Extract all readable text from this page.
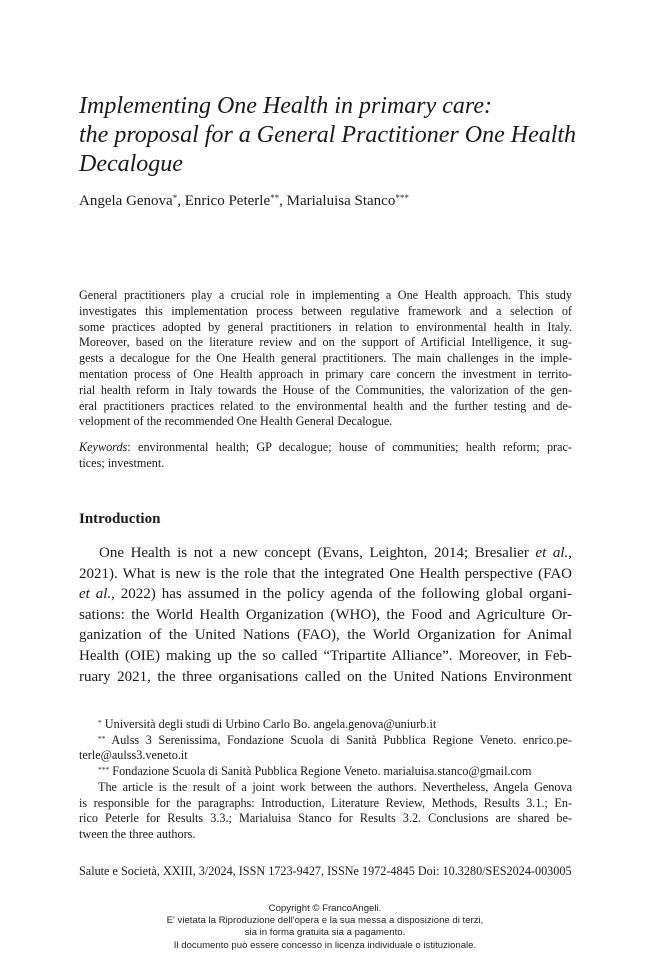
Implementing One Health in primary care:
the proposal for a General Practitioner One Health
Decalogue
Angela Genova*, Enrico Peterle**, Marialuisa Stanco***
General practitioners play a crucial role in implementing a One Health approach. This study
investigates this implementation process between regulative framework and a selection of
some practices adopted by general practitioners in relation to environmental health in Italy.
Moreover, based on the literature review and on the support of Artificial Intelligence, it sug-
gests a decalogue for the One Health general practitioners. The main challenges in the imple-
mentation process of One Health approach in primary care concern the investment in territo-
rial health reform in Italy towards the House of the Communities, the valorization of the gen-
eral practitioners practices related to the environmental health and the further testing and de-
velopment of the recommended One Health General Decalogue.
Keywords: environmental health; GP decalogue; house of communities; health reform; prac-
tices; investment.
Introduction
One Health is not a new concept (Evans, Leighton, 2014; Bresalier et al.,
2021). What is new is the role that the integrated One Health perspective (FAO
et al., 2022) has assumed in the policy agenda of the following global organi-
sations: the World Health Organization (WHO), the Food and Agriculture Or-
ganization of the United Nations (FAO), the World Organization for Animal
Health (OIE) making up the so called “Tripartite Alliance”. Moreover, in Feb-
ruary 2021, the three organisations called on the United Nations Environment
* Università degli studi di Urbino Carlo Bo. angela.genova@uniurb.it
** Aulss 3 Serenissima, Fondazione Scuola di Sanità Pubblica Regione Veneto. enrico.pe-
terle@aulss3.veneto.it
*** Fondazione Scuola di Sanità Pubblica Regione Veneto. marialuisa.stanco@gmail.com
The article is the result of a joint work between the authors. Nevertheless, Angela Genova
is responsible for the paragraphs: Introduction, Literature Review, Methods, Results 3.1.; En-
rico Peterle for Results 3.3.; Marialuisa Stanco for Results 3.2. Conclusions are shared be-
tween the three authors.
Salute e Società, XXIII, 3/2024, ISSN 1723-9427, ISSNe 1972-4845 Doi: 10.3280/SES2024-003005
Copyright © FrancoAngeli.
E' vietata la Riproduzione dell'opera e la sua messa a disposizione di terzi,
sia in forma gratuita sia a pagamento.
Il documento può essere concesso in licenza individuale o istituzionale.
